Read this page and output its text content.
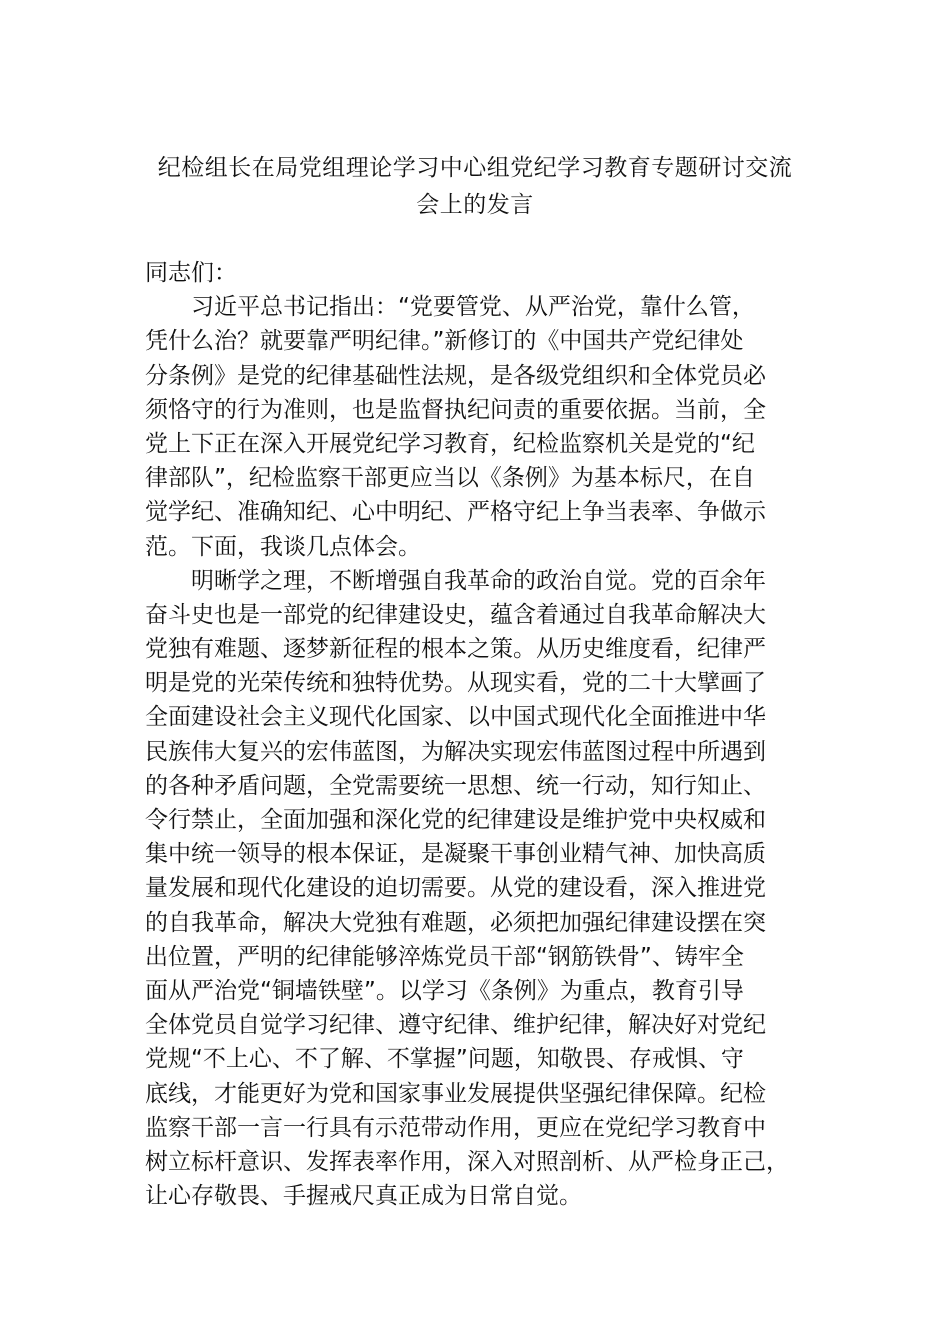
纪检组长在局党组理论学习中心组党纪学习教育专题研讨交流
会上的发言
同志们：
习近平总书记指出：“党要管党、从严治党，靠什么管，
凭什么治？就要靠严明纪律。”新修订的《中国共产党纪律处
分条例》是党的纪律基础性法规，是各级党组织和全体党员必
须恪守的行为准则，也是监督执纪问责的重要依据。当前，全
党上下正在深入开展党纪学习教育，纪检监察机关是党的“纪
律部队”，纪检监察干部更应当以《条例》为基本标尺，在自
觉学纪、准确知纪、心中明纪、严格守纪上争当表率、争做示
范。下面，我谈几点体会。
明晰学之理，不断增强自我革命的政治自觉。党的百余年
奋斗史也是一部党的纪律建设史，蕴含着通过自我革命解决大
党独有难题、逐梦新征程的根本之策。从历史维度看，纪律严
明是党的光荣传统和独特优势。从现实看，党的二十大擘画了
全面建设社会主义现代化国家、以中国式现代化全面推进中华
民族伟大复兴的宏伟蓝图，为解决实现宏伟蓝图过程中所遇到
的各种矛盾问题，全党需要统一思想、统一行动，知行知止、
令行禁止，全面加强和深化党的纪律建设是维护党中央权威和
集中统一领导的根本保证，是凝聚干事创业精气神、加快高质
量发展和现代化建设的迫切需要。从党的建设看，深入推进党
的自我革命，解决大党独有难题，必须把加强纪律建设摆在突
出位置，严明的纪律能够淬炼党员干部“钢筋铁骨”、铸牢全
面从严治党“铜墙铁壁”。以学习《条例》为重点，教育引导
全体党员自觉学习纪律、遵守纪律、维护纪律，解决好对党纪
党规“不上心、不了解、不掌握”问题，知敬畏、存戒惧、守
底线，才能更好为党和国家事业发展提供坚强纪律保障。纪检
监察干部一言一行具有示范带动作用，更应在党纪学习教育中
树立标杆意识、发挥表率作用，深入对照剖析、从严检身正己，
让心存敬畏、手握戒尺真正成为日常自觉。
